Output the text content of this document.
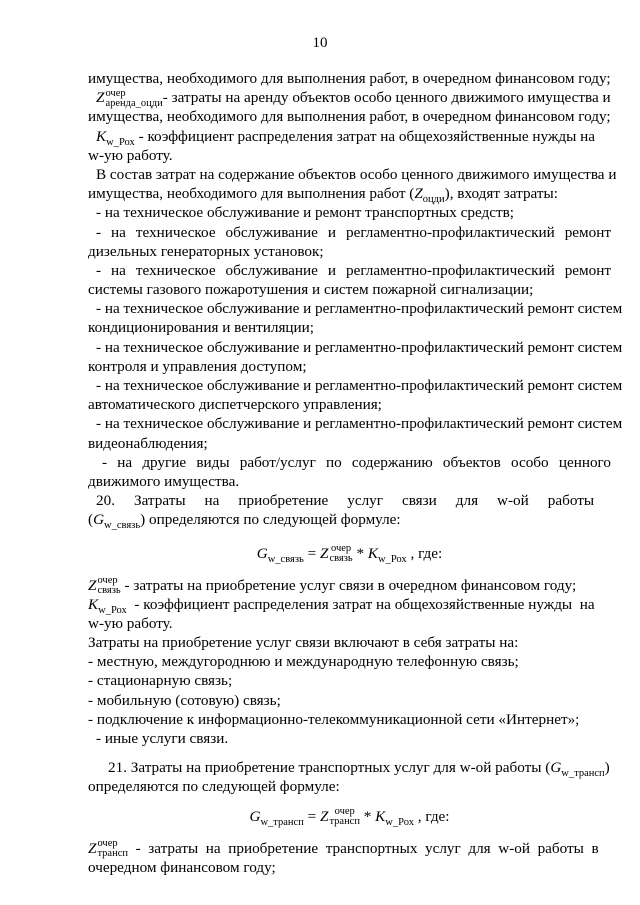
10
имущества, необходимого для выполнения работ, в очередном финансовом году;
Z очер
аренда_оцди - затраты на аренду объектов особо ценного движимого имущества и
имущества, необходимого для выполнения работ, в очередном финансовом году;
$K_{w\_Рох}$ - коэффициент распределения затрат на общехозяйственные нужды на
w-ую работу.
В состав затрат на содержание объектов особо ценного движимого имущества и
имущества, необходимого для выполнения работ $(Z_{оцди})$, входят затраты:
- на техническое обслуживание и ремонт транспортных средств;
- на техническое обслуживание и регламентно-профилактический ремонт
дизельных генераторных установок;
- на техническое обслуживание и регламентно-профилактический ремонт
системы газового пожаротушения и систем пожарной сигнализации;
- на техническое обслуживание и регламентно-профилактический ремонт систем
кондиционирования и вентиляции;
- на техническое обслуживание и регламентно-профилактический ремонт систем
контроля и управления доступом;
- на техническое обслуживание и регламентно-профилактический ремонт систем
автоматического диспетчерского управления;
- на техническое обслуживание и регламентно-профилактический ремонт систем
видеонаблюдения;
- на другие виды работ/услуг по содержанию объектов особо ценного
движимого имущества.
20.     Затраты     на     приобретение     услуг     связи     для     w-ой     работы
$(G_{w\_связь})$ определяются по следующей формуле:
$G_{w\_связь} = Z$ очер
связь * $K_{w\_Рох}$ , где:
Z очер
связь - затраты на приобретение услуг связи в очередном финансовом году;
$K_{w\_Рох}$  - коэффициент распределения затрат на общехозяйственные нужды  на
w-ую работу.
Затраты на приобретение услуг связи включают в себя затраты на:
- местную, междугороднюю и международную телефонную связь;
- стационарную связь;
- мобильную (сотовую) связь;
- подключение к информационно-телекоммуникационной сети «Интернет»;
- иные услуги связи.
21. Затраты на приобретение транспортных услуг для w-ой работы $(G_{w\_трансп})$
определяются по следующей формуле:
$G_{w\_трансп} = Z$ очер
трансп * $K_{w\_Рох}$ , где:
Z очер
трансп -  затраты  на  приобретение  транспортных  услуг  для  w-ой  работы  в
очередном финансовом году;
